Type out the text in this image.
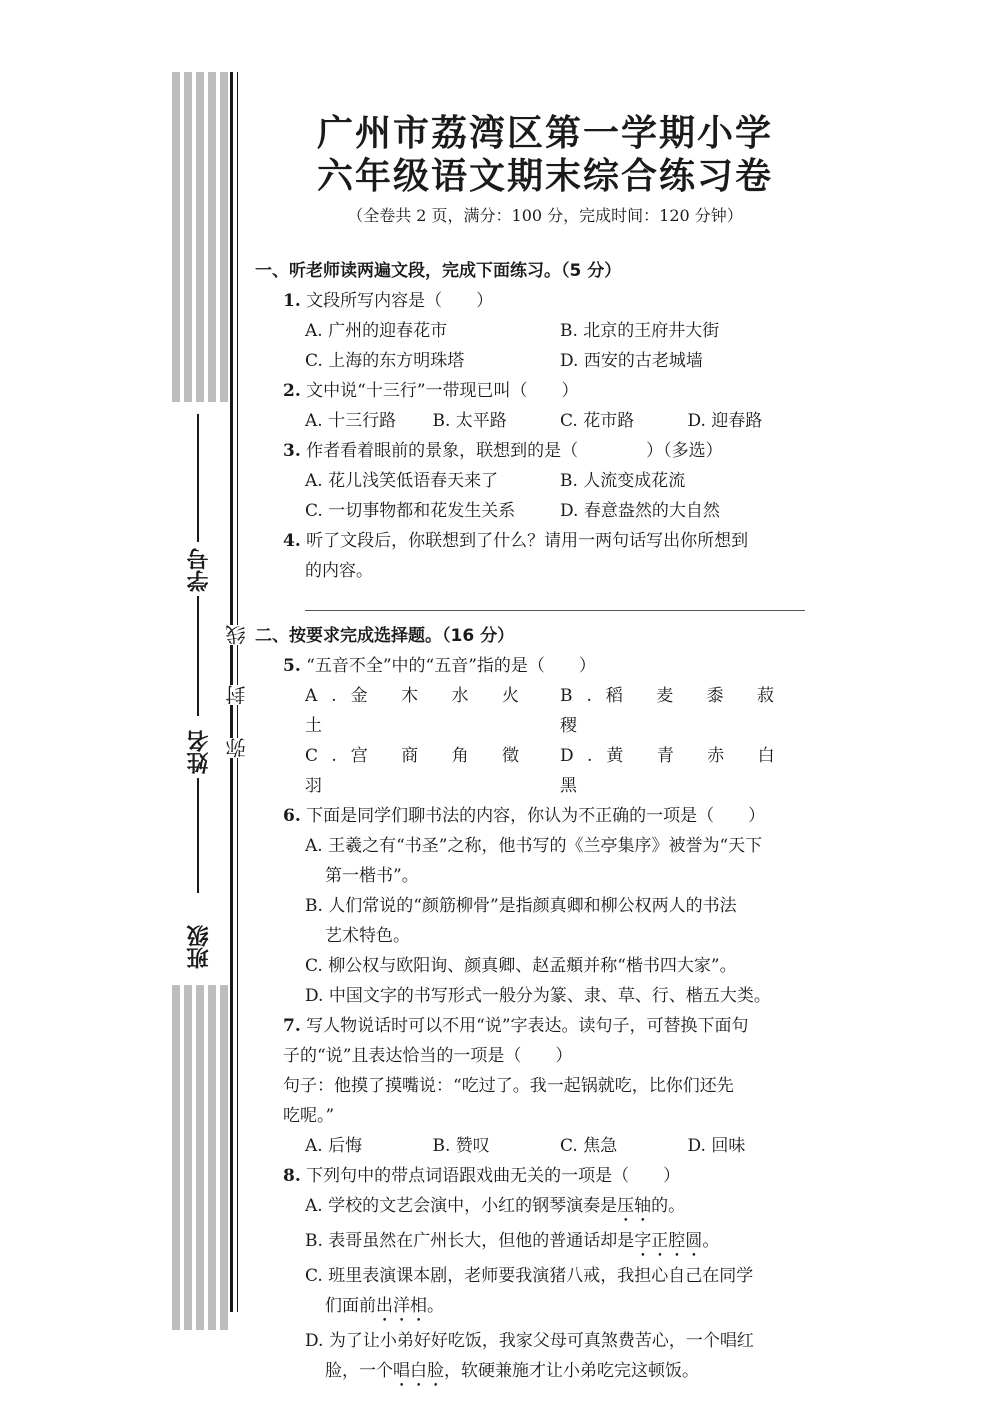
学号
姓名
班级
线
封
弥
广州市荔湾区第一学期小学
六年级语文期末综合练习卷
（全卷共 2 页，满分：100 分，完成时间：120 分钟）
一、听老师读两遍文段，完成下面练习。（5 分）
1. 文段所写内容是（　　）
A. 广州的迎春花市	B. 北京的王府井大街
C. 上海的东方明珠塔	D. 西安的古老城墙
2. 文中说“十三行”一带现已叫（　　）
A. 十三行路	B. 太平路	C. 花市路	D. 迎春路
3. 作者看着眼前的景象，联想到的是（　　　　）（多选）
A. 花儿浅笑低语春天来了	B. 人流变成花流
C. 一切事物都和花发生关系	D. 春意盎然的大自然
4. 听了文段后，你联想到了什么？请用一两句话写出你所想到
的内容。
二、按要求完成选择题。（16 分）
5. “五音不全”中的“五音”指的是（　　）
A.金 木 水 火 土
B.稻 麦 黍 菽 稷
C.宫 商 角 徵 羽
D.黄 青 赤 白 黑
6. 下面是同学们聊书法的内容，你认为不正确的一项是（　　）
A. 王羲之有“书圣”之称，他书写的《兰亭集序》被誉为“天下
第一楷书”。
B. 人们常说的“颜筋柳骨”是指颜真卿和柳公权两人的书法
艺术特色。
C. 柳公权与欧阳询、颜真卿、赵孟頫并称“楷书四大家”。
D. 中国文字的书写形式一般分为篆、隶、草、行、楷五大类。
7. 写人物说话时可以不用“说”字表达。读句子，可替换下面句
子的“说”且表达恰当的一项是（　　）
句子：他摸了摸嘴说：“吃过了。我一起锅就吃，比你们还先
吃呢。”
A. 后悔	B. 赞叹	C. 焦急	D. 回味
8. 下列句中的带点词语跟戏曲无关的一项是（　　）
A. 学校的文艺会演中，小红的钢琴演奏是压轴的。
B. 表哥虽然在广州长大，但他的普通话却是字正腔圆。
C. 班里表演课本剧，老师要我演猪八戒，我担心自己在同学
们面前出洋相。
D. 为了让小弟好好吃饭，我家父母可真煞费苦心，一个唱红
脸，一个唱白脸，软硬兼施才让小弟吃完这顿饭。
